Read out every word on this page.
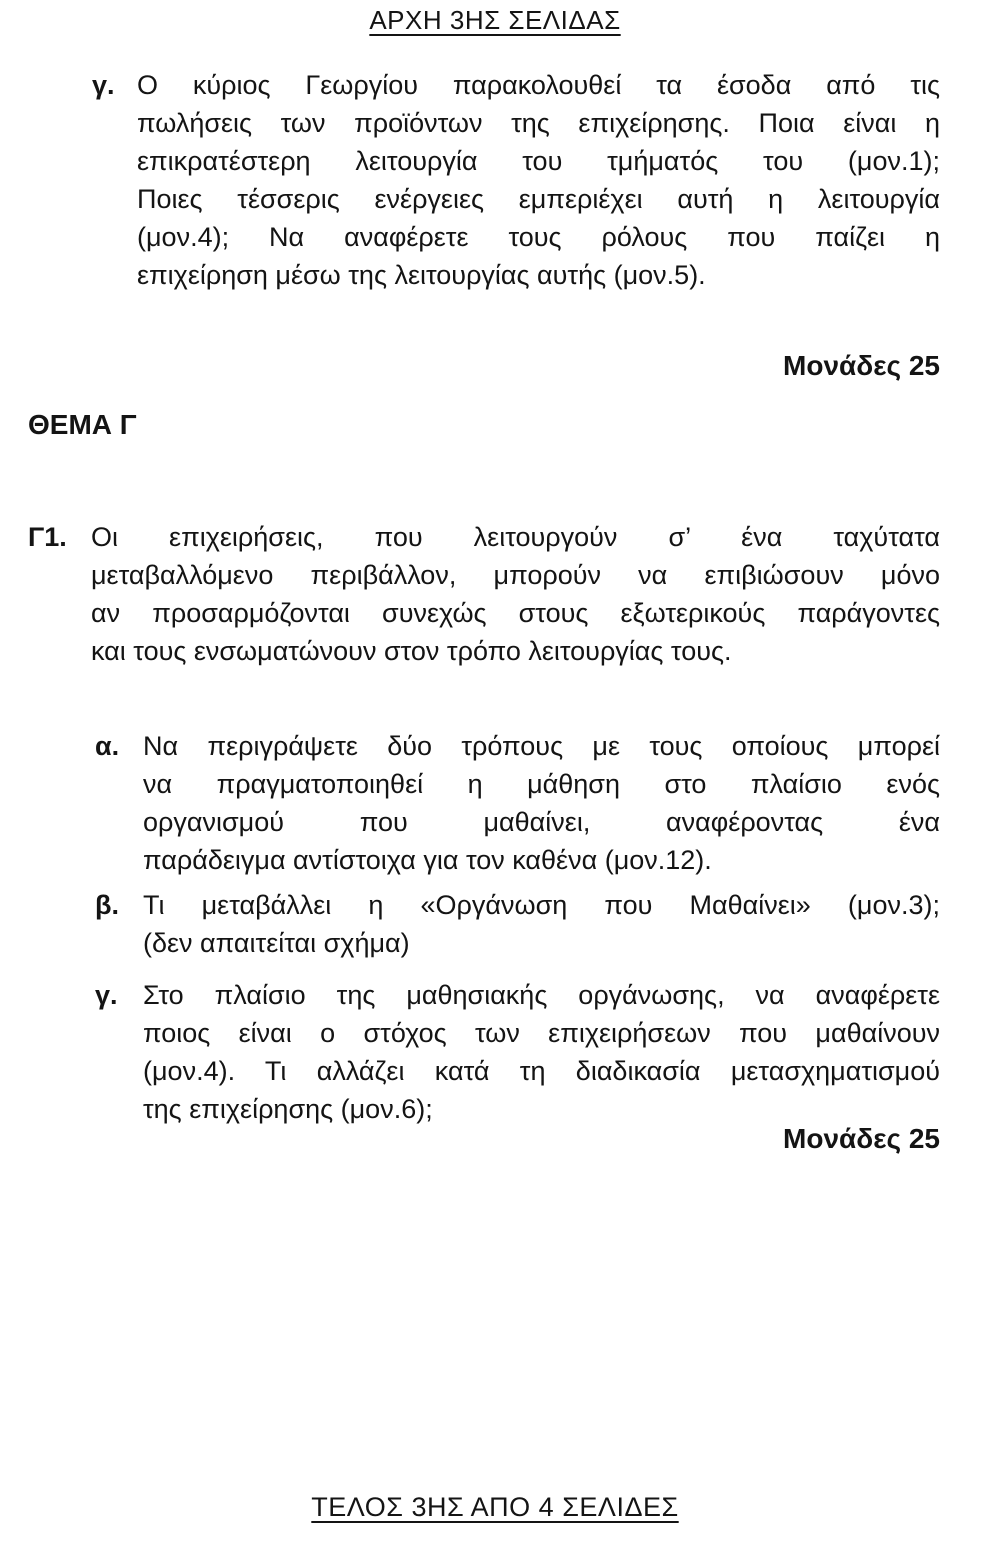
ΑΡΧΗ 3ΗΣ ΣΕΛΙΔΑΣ
γ. Ο κύριος Γεωργίου παρακολουθεί τα έσοδα από τις
πωλήσεις των προϊόντων της επιχείρησης. Ποια είναι η
επικρατέστερη λειτουργία του τμήματός του (μον.1);
Ποιες τέσσερις ενέργειες εμπεριέχει αυτή η λειτουργία
(μον.4); Να αναφέρετε τους ρόλους που παίζει η
επιχείρηση μέσω της λειτουργίας αυτής (μον.5).
Μονάδες 25
ΘΕΜΑ Γ
Γ1. Οι επιχειρήσεις, που λειτουργούν σ’ ένα ταχύτατα
μεταβαλλόμενο περιβάλλον, μπορούν να επιβιώσουν μόνο
αν προσαρμόζονται συνεχώς στους εξωτερικούς παράγοντες
και τους ενσωματώνουν στον τρόπο λειτουργίας τους.
α. Να περιγράψετε δύο τρόπους με τους οποίους μπορεί
να πραγματοποιηθεί η μάθηση στο πλαίσιο ενός
οργανισμού που μαθαίνει, αναφέροντας ένα
παράδειγμα αντίστοιχα για τον καθένα (μον.12).
β. Τι μεταβάλλει η «Οργάνωση που Μαθαίνει» (μον.3);
(δεν απαιτείται σχήμα)
γ. Στο πλαίσιο της μαθησιακής οργάνωσης, να αναφέρετε
ποιος είναι ο στόχος των επιχειρήσεων που μαθαίνουν
(μον.4). Τι αλλάζει κατά τη διαδικασία μετασχηματισμού
της επιχείρησης (μον.6);
Μονάδες 25
ΤΕΛΟΣ 3ΗΣ ΑΠΟ 4 ΣΕΛΙΔΕΣ
